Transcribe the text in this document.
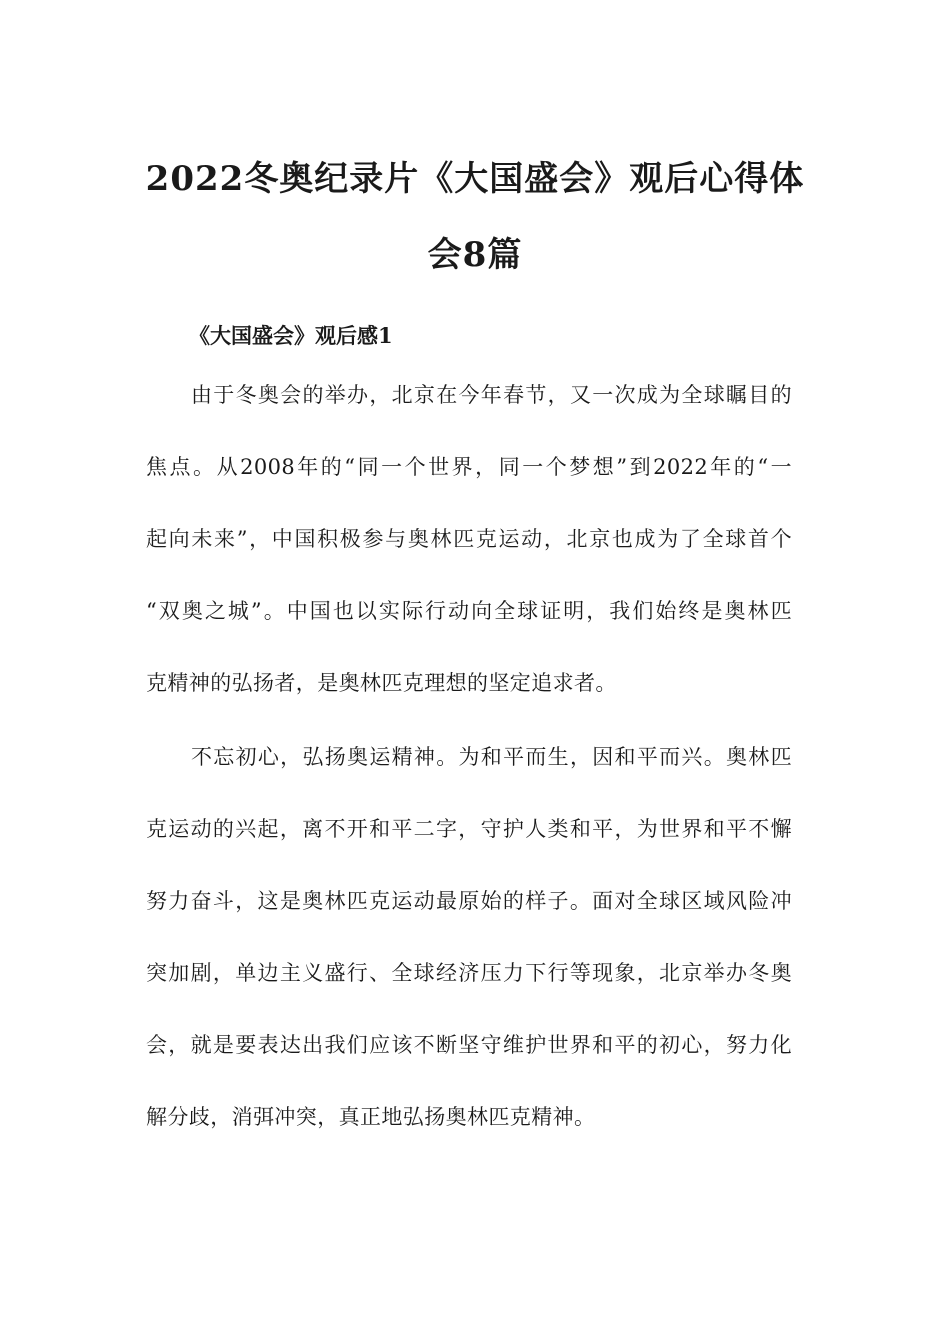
2022冬奥纪录片《大国盛会》观后心得体
会8篇
《大国盛会》观后感1
由于冬奥会的举办，北京在今年春节，又一次成为全球瞩目的
焦点。从2008年的“同一个世界，同一个梦想”到2022年的“一
起向未来”，中国积极参与奥林匹克运动，北京也成为了全球首个
“双奥之城”。中国也以实际行动向全球证明，我们始终是奥林匹
克精神的弘扬者，是奥林匹克理想的坚定追求者。
不忘初心，弘扬奥运精神。为和平而生，因和平而兴。奥林匹
克运动的兴起，离不开和平二字，守护人类和平，为世界和平不懈
努力奋斗，这是奥林匹克运动最原始的样子。面对全球区域风险冲
突加剧，单边主义盛行、全球经济压力下行等现象，北京举办冬奥
会，就是要表达出我们应该不断坚守维护世界和平的初心，努力化
解分歧，消弭冲突，真正地弘扬奥林匹克精神。
